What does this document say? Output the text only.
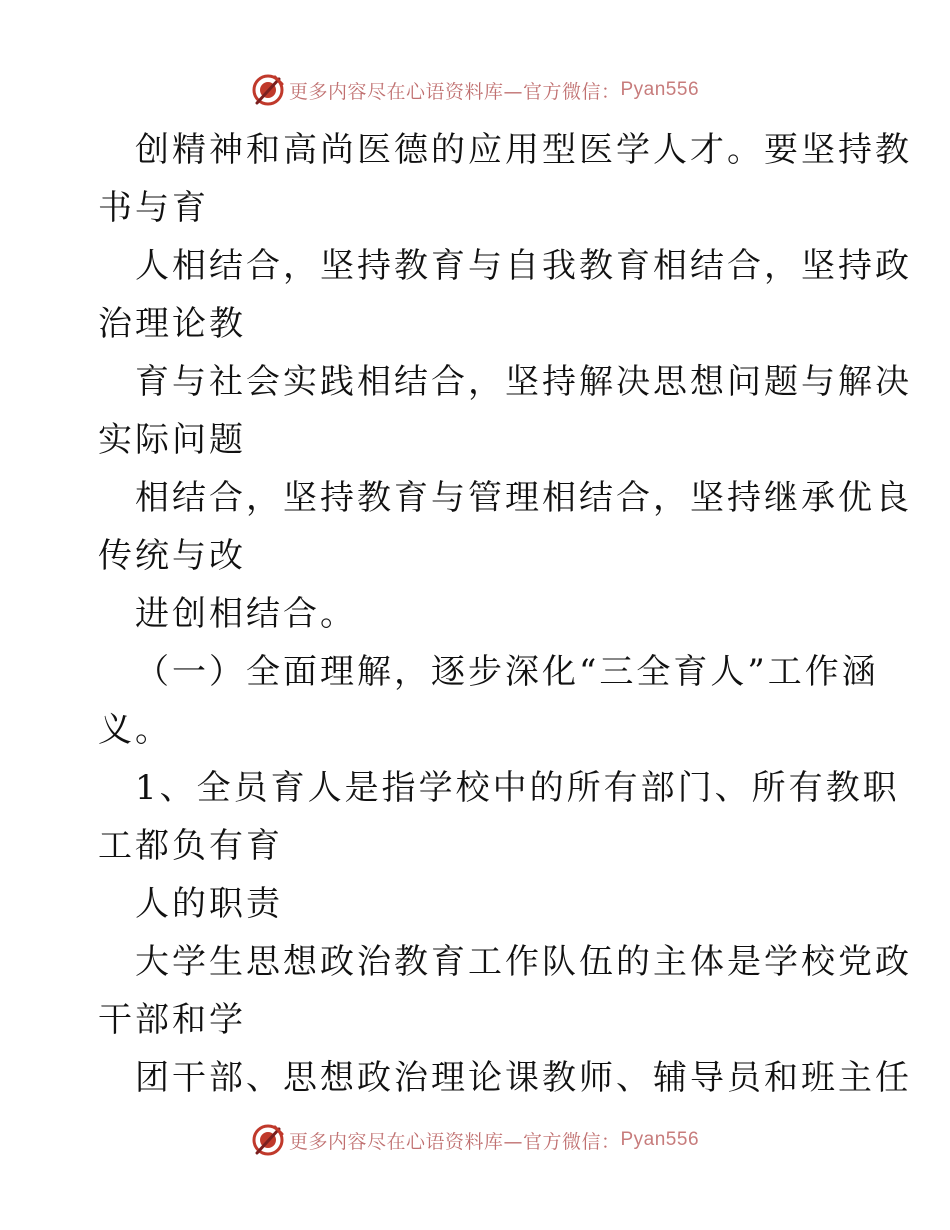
更多内容尽在心语资料库—官方微信： Pyan556
创精神和高尚医德的应用型医学人才。要坚持教
书与育
人相结合，坚持教育与自我教育相结合，坚持政
治理论教
育与社会实践相结合，坚持解决思想问题与解决
实际问题
相结合，坚持教育与管理相结合，坚持继承优良
传统与改
进创相结合。
（一）全面理解，逐步深化“三全育人”工作涵
义。
1、全员育人是指学校中的所有部门、所有教职
工都负有育
人的职责
大学生思想政治教育工作队伍的主体是学校党政
干部和学
团干部、思想政治理论课教师、辅导员和班主任
更多内容尽在心语资料库—官方微信： Pyan556
